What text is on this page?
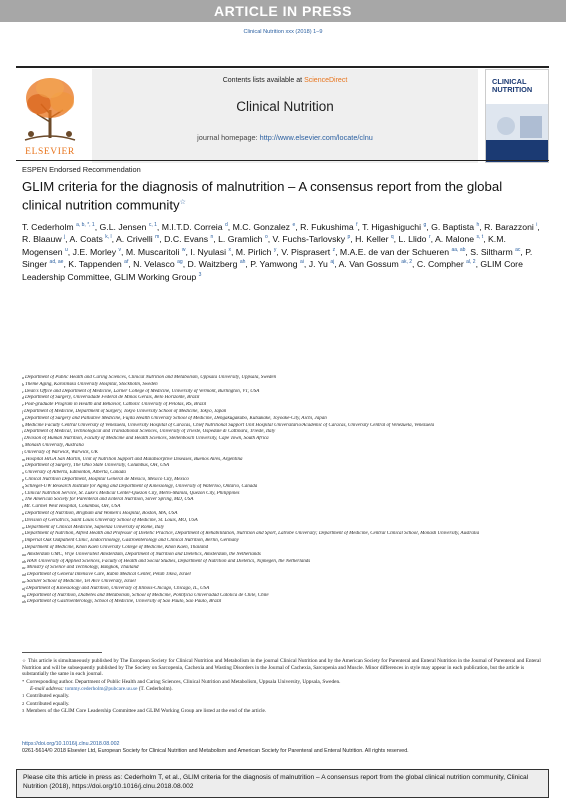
ARTICLE IN PRESS
Clinical Nutrition xxx (2018) 1–9
ELSEVIER
Contents lists available at ScienceDirect
Clinical Nutrition
journal homepage: http://www.elsevier.com/locate/clnu
CLINICAL
NUTRITION
ESPEN Endorsed Recommendation
GLIM criteria for the diagnosis of malnutrition – A consensus report from the global clinical nutrition community☆
T. Cederholm $^{a, b, *, 1}$, G.L. Jensen $^{c, 1}$, M.I.T.D. Correia $^d$, M.C. Gonzalez $^e$, R. Fukushima $^f$, T. Higashiguchi $^g$, G. Baptista $^h$, R. Barazzoni $^i$, R. Blaauw $^j$, A. Coats $^{k, l}$, A. Crivelli $^m$, D.C. Evans $^n$, L. Gramlich $^o$, V. Fuchs-Tarlovsky $^p$, H. Keller $^q$, L. Llido $^r$, A. Malone $^{s, t}$, K.M. Mogensen $^u$, J.E. Morley $^v$, M. Muscaritoli $^w$, I. Nyulasi $^x$, M. Pirlich $^y$, V. Pisprasert $^z$, M.A.E. de van der Schueren $^{aa, ab}$, S. Siltharm $^{ac}$, P. Singer $^{ad, ae}$, K. Tappenden $^{af}$, N. Velasco $^{ag}$, D. Waitzberg $^{ah}$, P. Yamwong $^{ai}$, J. Yu $^{aj}$, A. Van Gossum $^{ak, 2}$, C. Compher $^{al, 2}$, GLIM Core Leadership Committee, GLIM Working Group $^3$
$^a$Department of Public Health and Caring Sciences, Clinical Nutrition and Metabolism, Uppsala University, Uppsala, Sweden
$^b$Theme Aging, Karolinska University Hospital, Stockholm, Sweden
$^c$Dean's Office and Department of Medicine, Larner College of Medicine, University of Vermont, Burlington, VT, USA
$^d$Department of Surgery, Universidade Federal de Minas Gerais, Belo Horizonte, Brazil
$^e$Post-graduate Program in Health and Behavior, Catholic University of Pelotas, RS, Brazil
$^f$Department of Medicine, Department of Surgery, Tokyo University School of Medicine, Tokyo, Japan
$^g$Department of Surgery and Palliative Medicine, Fujita Health University School of Medicine, Dengakugakubo, Kutsukake, Toyoake-City, Aichi, Japan
$^h$Medicine Faculty Central University of Venezuela, University Hospital of Caracas, Chief Nutritional Support Unit Hospital Universitario/Academic of Caracas, University Central of Venezuela, Venezuela
$^i$Department of Medical, Technological and Translational Sciences, University of Trieste, Ospedale di Cattinara, Trieste, Italy
$^j$Division of Human Nutrition, Faculty of Medicine and Health Sciences, Stellenbosch University, Cape Town, South Africa
$^k$Monash University, Australia
$^l$University of Warwick, Warwick, UK
$^m$Hospital HIGA San Martín, Unit of Nutrition Support and Malabsorptive Diseases, Buenos Aires, Argentina
$^n$Department of Surgery, The Ohio State University, Columbus, OH, USA
$^o$University of Alberta, Edmonton, Alberta, Canada
$^p$Clinical Nutrition Department, Hospital General de México, Mexico City, Mexico
$^q$Schlegel-UW Research Institute for Aging and Department of Kinesiology, University of Waterloo, Ontario, Canada
$^r$Clinical Nutrition Service, St. Luke's Medical Center-Quezon City, Metro-Manila, Quezon City, Philippines
$^s$The American Society for Parenteral and Enteral Nutrition, Silver Spring, MD, USA
$^t$Mt. Carmel West Hospital, Columbus, OH, USA
$^u$Department of Nutrition, Brigham and Women's Hospital, Boston, MA, USA
$^v$Division of Geriatrics, Saint Louis University School of Medicine, St. Louis, MO, USA
$^w$Department of Clinical Medicine, Sapienza University of Rome, Italy
$^x$Department of Nutrition, Alfred Health and Professor of Dietetic Practice, Department of Rehabilitation, Nutrition and Sport, Latrobe University; Department of Medicine, Central Clinical School, Monash University, Australia
$^y$Imperial Oak Outpatient Clinic, Endocrinology, Gastroenterology and Clinical Nutrition, Berlin, Germany
$^z$Department of Medicine, Khon Kaen University College of Medicine, Khon Kaen, Thailand
$^{aa}$Amsterdam UMC, Vrije Universiteit Amsterdam, Department of Nutrition and Dietetics, Amsterdam, the Netherlands
$^{ab}$HAN University of Applied Sciences, Faculty of Health and Social Studies, Department of Nutrition and Dietetics, Nijmegen, the Netherlands
$^{ac}$Ministry of Science and Technology, Bangkok, Thailand
$^{ad}$Department of General Intensive Care, Rabin Medical Center, Petah Tikva, Israel
$^{ae}$Sackler School of Medicine, Tel Aviv University, Israel
$^{af}$Department of Kinesiology and Nutrition, University of Illinois-Chicago, Chicago, IL, USA
$^{ag}$Department of Nutrition, Diabetes and Metabolism, School of Medicine, Pontificia Universidad Católica de Chile, Chile
$^{ah}$Department of Gastroenterology, School of Medicine, University of São Paulo, São Paulo, Brazil
☆ This article is simultaneously published by The European Society for Clinical Nutrition and Metabolism in the journal Clinical Nutrition and by the American Society for Parenteral and Enteral Nutrition in the Journal of Parenteral and Enteral Nutrition and will be subsequently published by The Society on Sarcopenia, Cachexia and Wasting Disorders in the Journal of Cachexia, Sarcopenia and Muscle. Minor differences in style may appear in each publication, but the article is substantially the same in each journal.
* Corresponding author. Department of Public Health and Caring Sciences, Clinical Nutrition and Metabolism, Uppsala University, Uppsala, Sweden.
E-mail address: tommy.cederholm@pubcare.uu.se (T. Cederholm).
$^1$ Contributed equally.
$^2$ Contributed equally.
$^3$ Members of the GLIM Core Leadership Committee and GLIM Working Group are listed at the end of the article.
https://doi.org/10.1016/j.clnu.2018.08.002
0261-5614/© 2018 Elsevier Ltd, European Society for Clinical Nutrition and Metabolism and American Society for Parenteral and Enteral Nutrition. All rights reserved.
Please cite this article in press as: Cederholm T, et al., GLIM criteria for the diagnosis of malnutrition – A consensus report from the global clinical nutrition community, Clinical Nutrition (2018), https://doi.org/10.1016/j.clnu.2018.08.002
